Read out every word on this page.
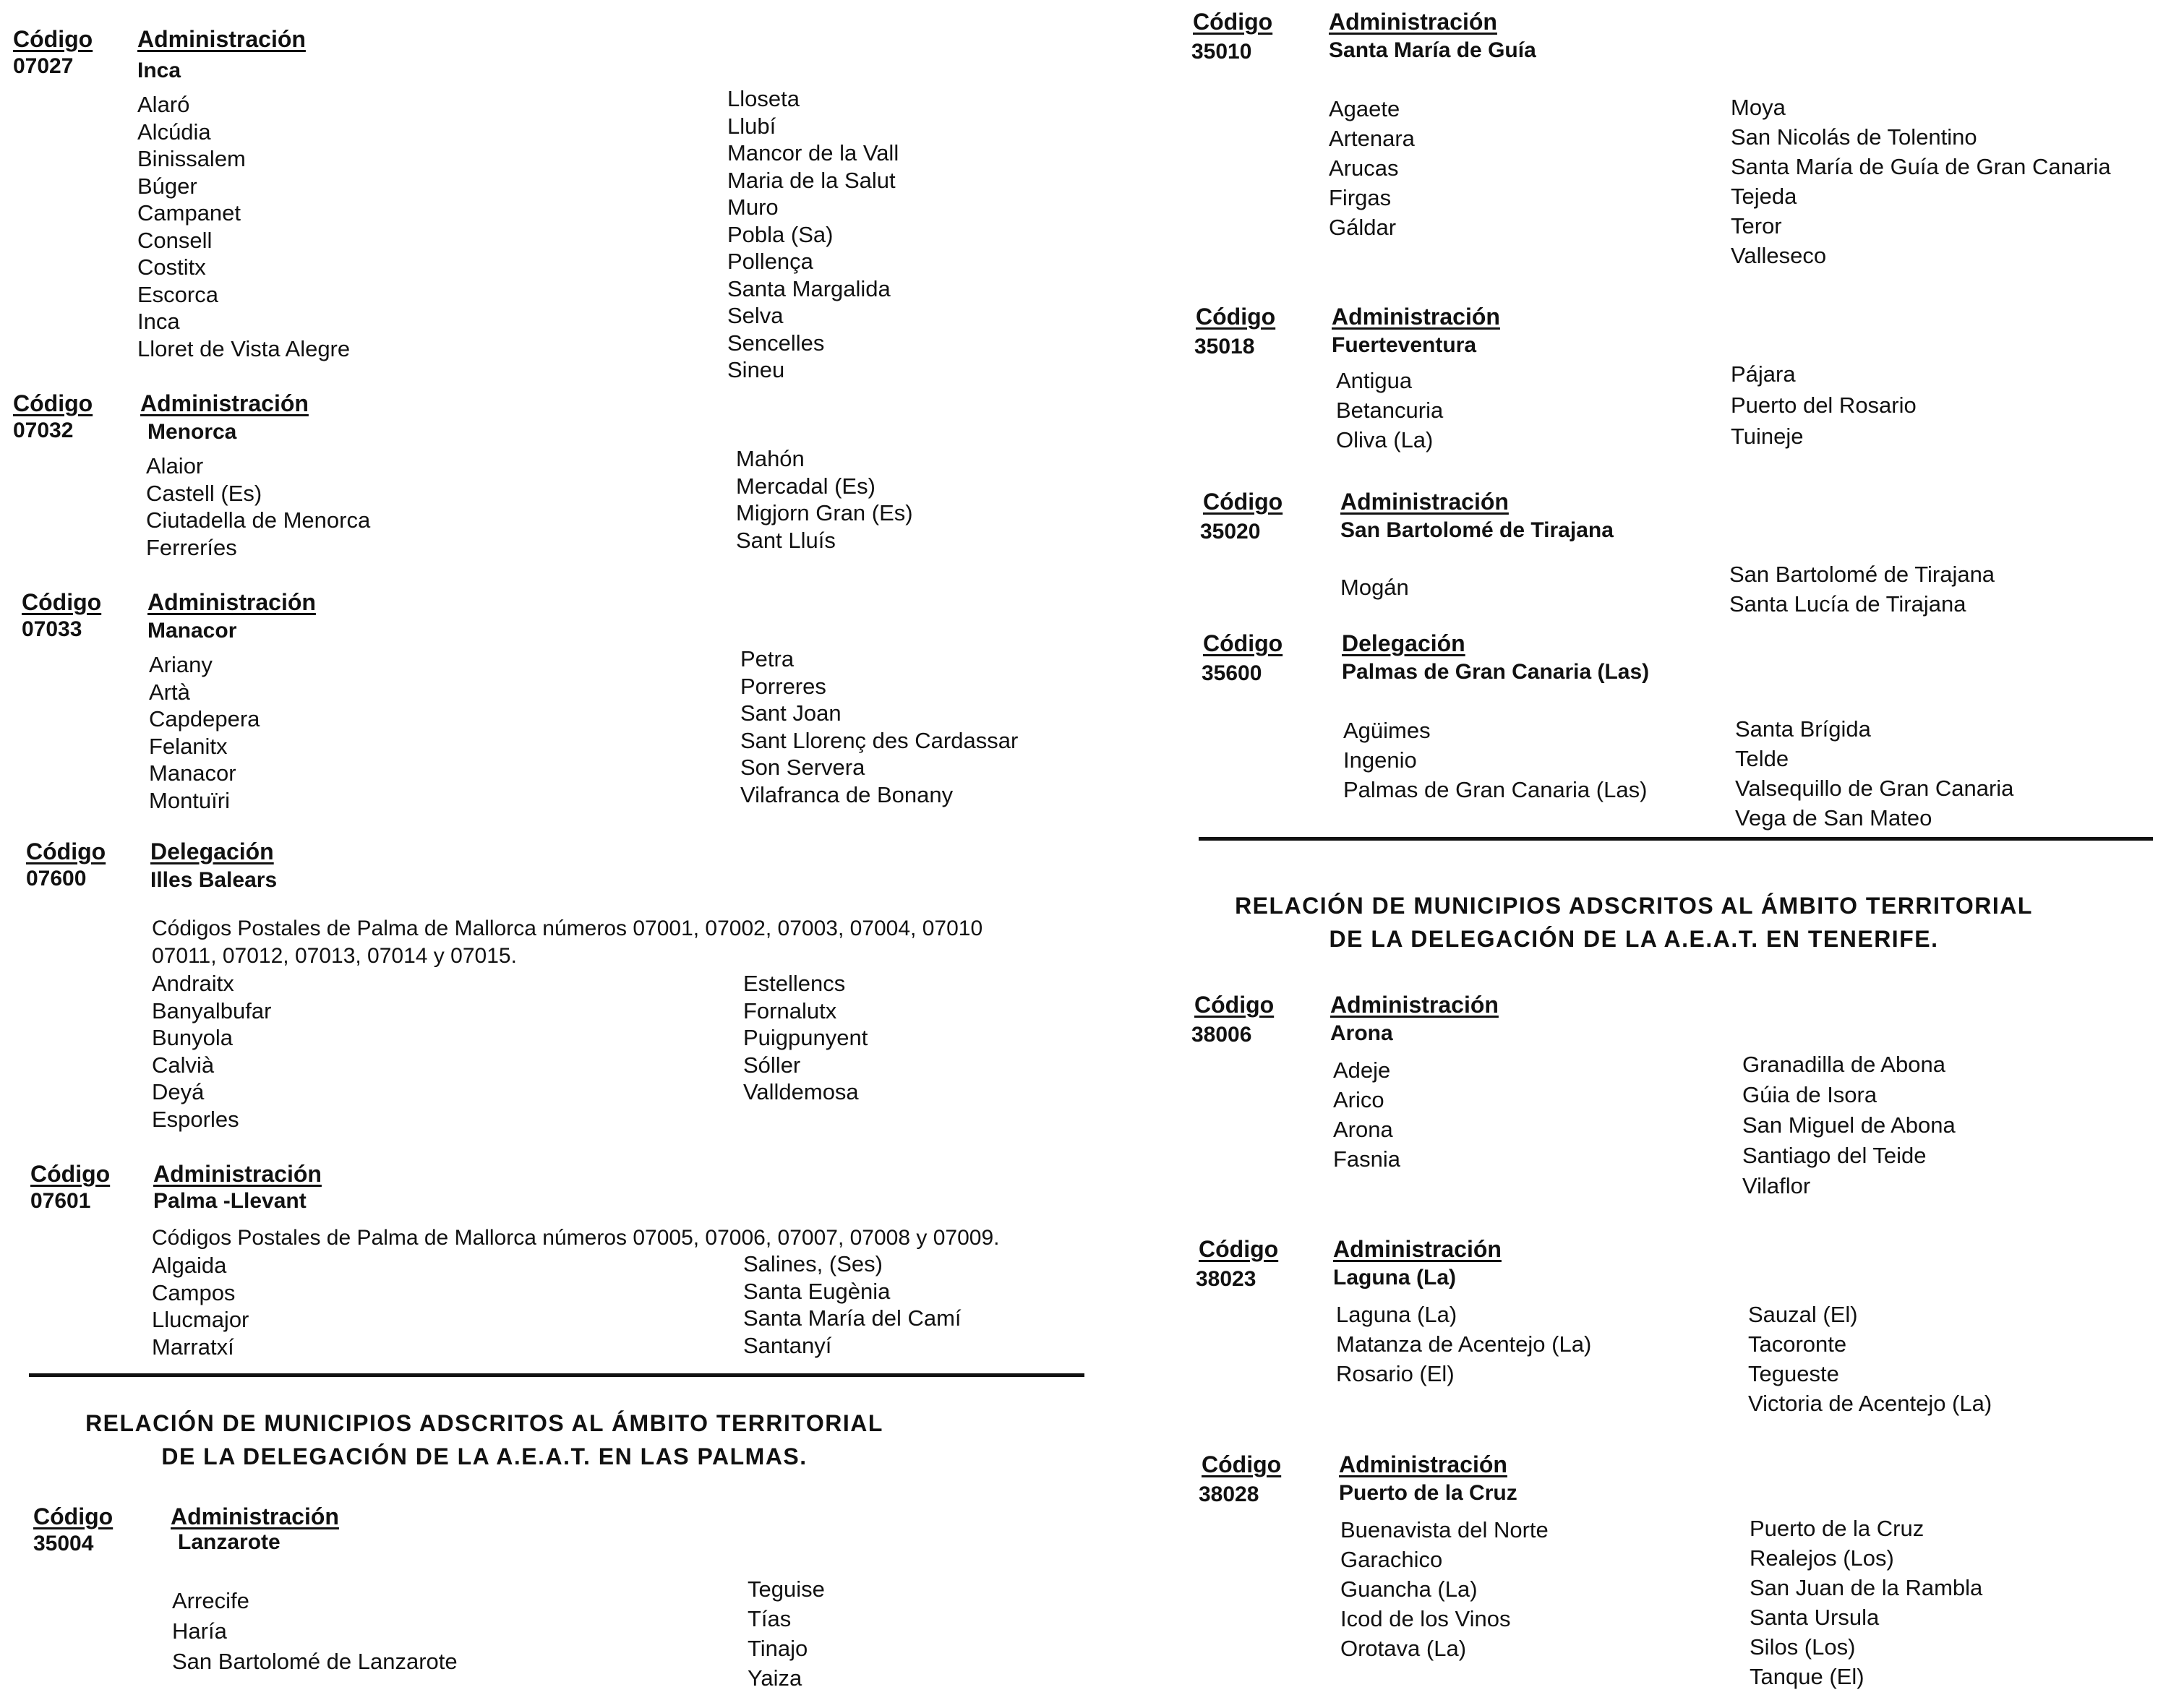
Código
07027
Administración
Inca
Alaró
Alcúdia
Binissalem
Búger
Campanet
Consell
Costitx
Escorca
Inca
Lloret de Vista Alegre
Lloseta
Llubí
Mancor de la Vall
Maria de la Salut
Muro
Pobla (Sa)
Pollença
Santa Margalida
Selva
Sencelles
Sineu
Código
07032
Administración
Menorca
Alaior
Castell (Es)
Ciutadella de Menorca
Ferreríes
Mahón
Mercadal (Es)
Migjorn Gran (Es)
Sant Lluís
Código
07033
Administración
Manacor
Ariany
Artà
Capdepera
Felanitx
Manacor
Montuïri
Petra
Porreres
Sant Joan
Sant Llorenç des Cardassar
Son Servera
Vilafranca de Bonany
Código
07600
Delegación
Illes Balears
Códigos Postales de Palma de Mallorca números 07001, 07002, 07003, 07004, 07010
07011, 07012, 07013, 07014 y 07015.
Andraitx
Banyalbufar
Bunyola
Calvià
Deyá
Esporles
Estellencs
Fornalutx
Puigpunyent
Sóller
Valldemosa
Código
07601
Administración
Palma -Llevant
Códigos Postales de Palma de Mallorca números 07005, 07006, 07007, 07008 y 07009.
Algaida
Campos
Llucmajor
Marratxí
Salines, (Ses)
Santa Eugènia
Santa María del Camí
Santanyí
RELACIÓN DE MUNICIPIOS ADSCRITOS AL ÁMBITO TERRITORIAL
DE LA DELEGACIÓN DE LA A.E.A.T. EN LAS PALMAS.
Código
35004
Administración
Lanzarote
Arrecife
Haría
San Bartolomé de Lanzarote
Teguise
Tías
Tinajo
Yaiza
Código
35010
Administración
Santa María de Guía
Agaete
Artenara
Arucas
Firgas
Gáldar
Moya
San Nicolás de Tolentino
Santa María de Guía de Gran Canaria
Tejeda
Teror
Valleseco
Código
35018
Administración
Fuerteventura
Antigua
Betancuria
Oliva (La)
Pájara
Puerto del Rosario
Tuineje
Código
35020
Administración
San Bartolomé de Tirajana
Mogán
San Bartolomé de Tirajana
Santa Lucía de Tirajana
Código
35600
Delegación
Palmas de Gran Canaria (Las)
Agüimes
Ingenio
Palmas de Gran Canaria (Las)
Santa Brígida
Telde
Valsequillo de Gran Canaria
Vega de San Mateo
RELACIÓN DE MUNICIPIOS ADSCRITOS AL ÁMBITO TERRITORIAL
DE LA DELEGACIÓN DE LA A.E.A.T. EN TENERIFE.
Código
38006
Administración
Arona
Adeje
Arico
Arona
Fasnia
Granadilla de Abona
Gúia de Isora
San Miguel de Abona
Santiago del Teide
Vilaflor
Código
38023
Administración
Laguna (La)
Laguna (La)
Matanza de Acentejo (La)
Rosario (El)
Sauzal (El)
Tacoronte
Tegueste
Victoria de Acentejo (La)
Código
38028
Administración
Puerto de la Cruz
Buenavista del Norte
Garachico
Guancha (La)
Icod de los Vinos
Orotava (La)
Puerto de la Cruz
Realejos (Los)
San Juan de la Rambla
Santa Ursula
Silos (Los)
Tanque (El)
